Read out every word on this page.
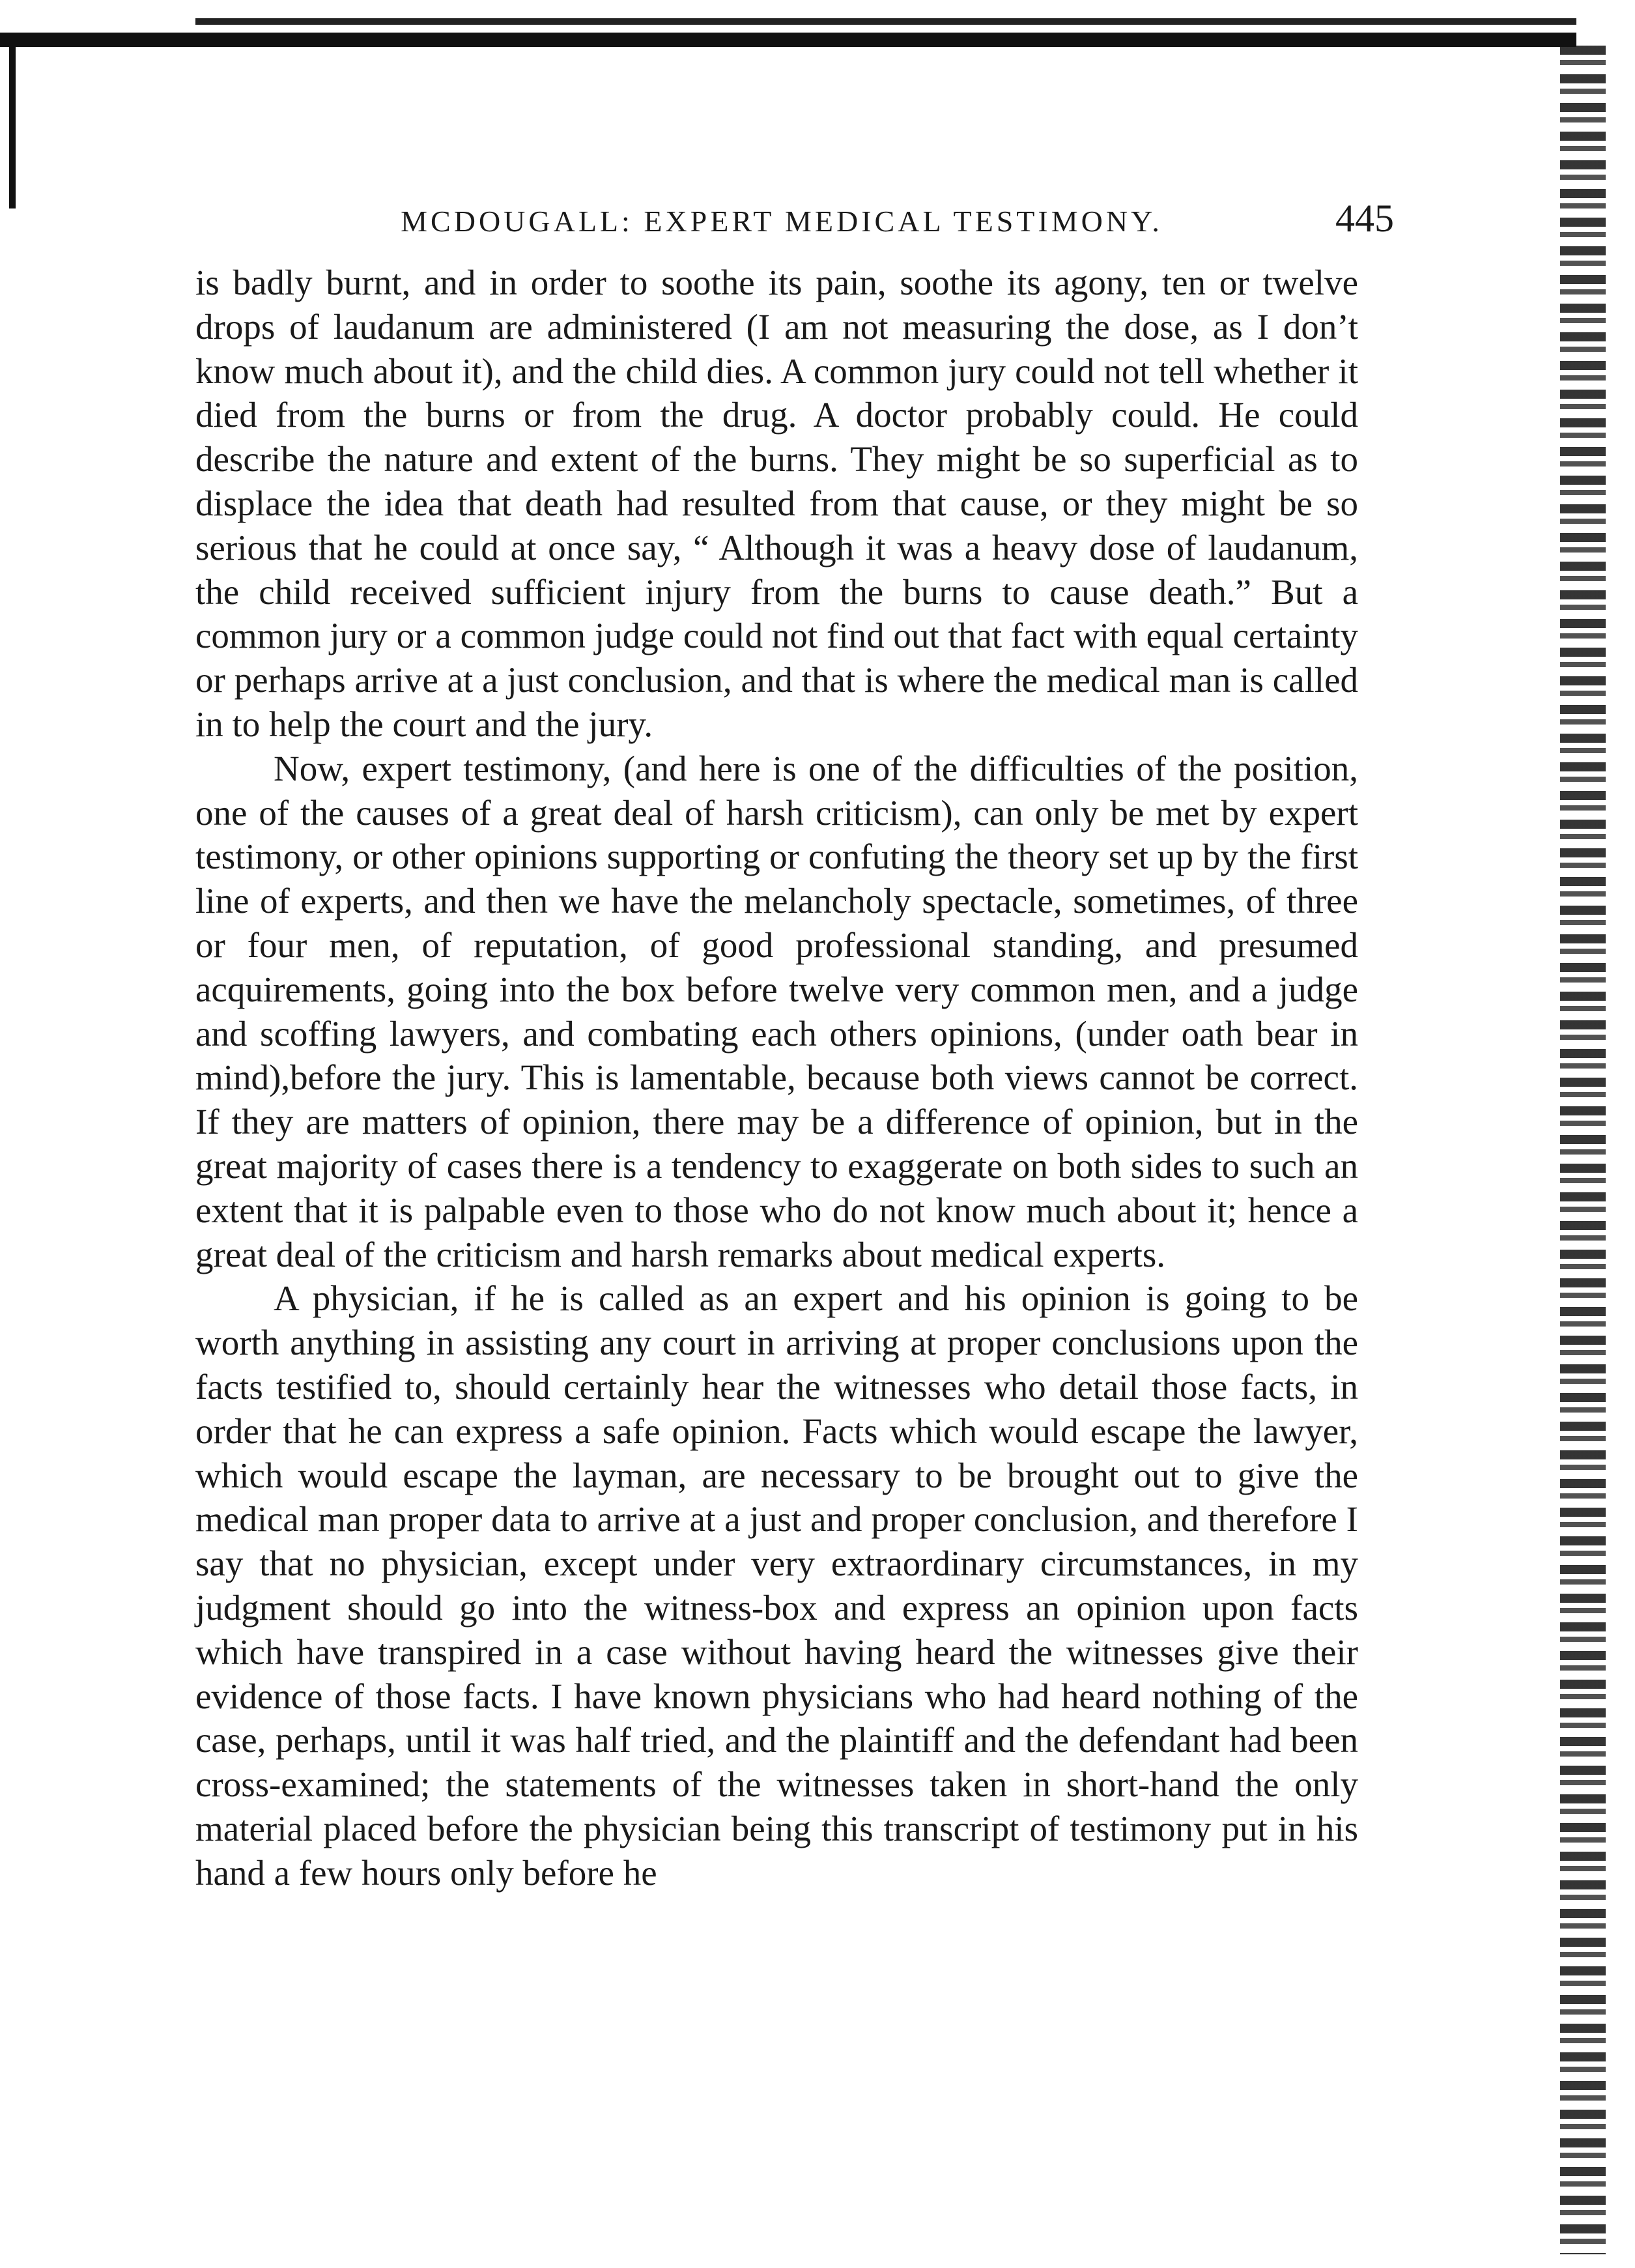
MCDOUGALL: EXPERT MEDICAL TESTIMONY.	445

is badly burnt, and in order to soothe its pain, soothe its agony, ten or twelve drops of laudanum are administered (I am not measuring the dose, as I don’t know much about it), and the child dies. A common jury could not tell whether it died from the burns or from the drug. A doctor probably could. He could describe the nature and extent of the burns. They might be so superficial as to displace the idea that death had resulted from that cause, or they might be so serious that he could at once say, “ Although it was a heavy dose of laudanum, the child received sufficient injury from the burns to cause death.” But a common jury or a common judge could not find out that fact with equal certainty or perhaps arrive at a just conclusion, and that is where the medical man is called in to help the court and the jury.

Now, expert testimony, (and here is one of the difficulties of the position, one of the causes of a great deal of harsh criticism), can only be met by expert testimony, or other opinions supporting or confuting the theory set up by the first line of experts, and then we have the melancholy spectacle, sometimes, of three or four men, of reputation, of good professional standing, and presumed acquirements, going into the box before twelve very common men, and a judge and scoffing lawyers, and combating each others opinions, (under oath bear in mind),before the jury. This is lamentable, because both views cannot be correct. If they are matters of opinion, there may be a difference of opinion, but in the great majority of cases there is a tendency to exaggerate on both sides to such an extent that it is palpable even to those who do not know much about it; hence a great deal of the criticism and harsh remarks about medical experts.

A physician, if he is called as an expert and his opinion is going to be worth anything in assisting any court in arriving at proper conclusions upon the facts testified to, should certainly hear the witnesses who detail those facts, in order that he can express a safe opinion. Facts which would escape the lawyer, which would escape the layman, are necessary to be brought out to give the medical man proper data to arrive at a just and proper conclusion, and therefore I say that no physician, except under very extraordinary circumstances, in my judgment should go into the witness-box and express an opinion upon facts which have transpired in a case without having heard the witnesses give their evidence of those facts. I have known physicians who had heard nothing of the case, perhaps, until it was half tried, and the plaintiff and the defendant had been cross-examined; the statements of the witnesses taken in short-hand the only material placed before the physician being this transcript of testimony put in his hand a few hours only before he
